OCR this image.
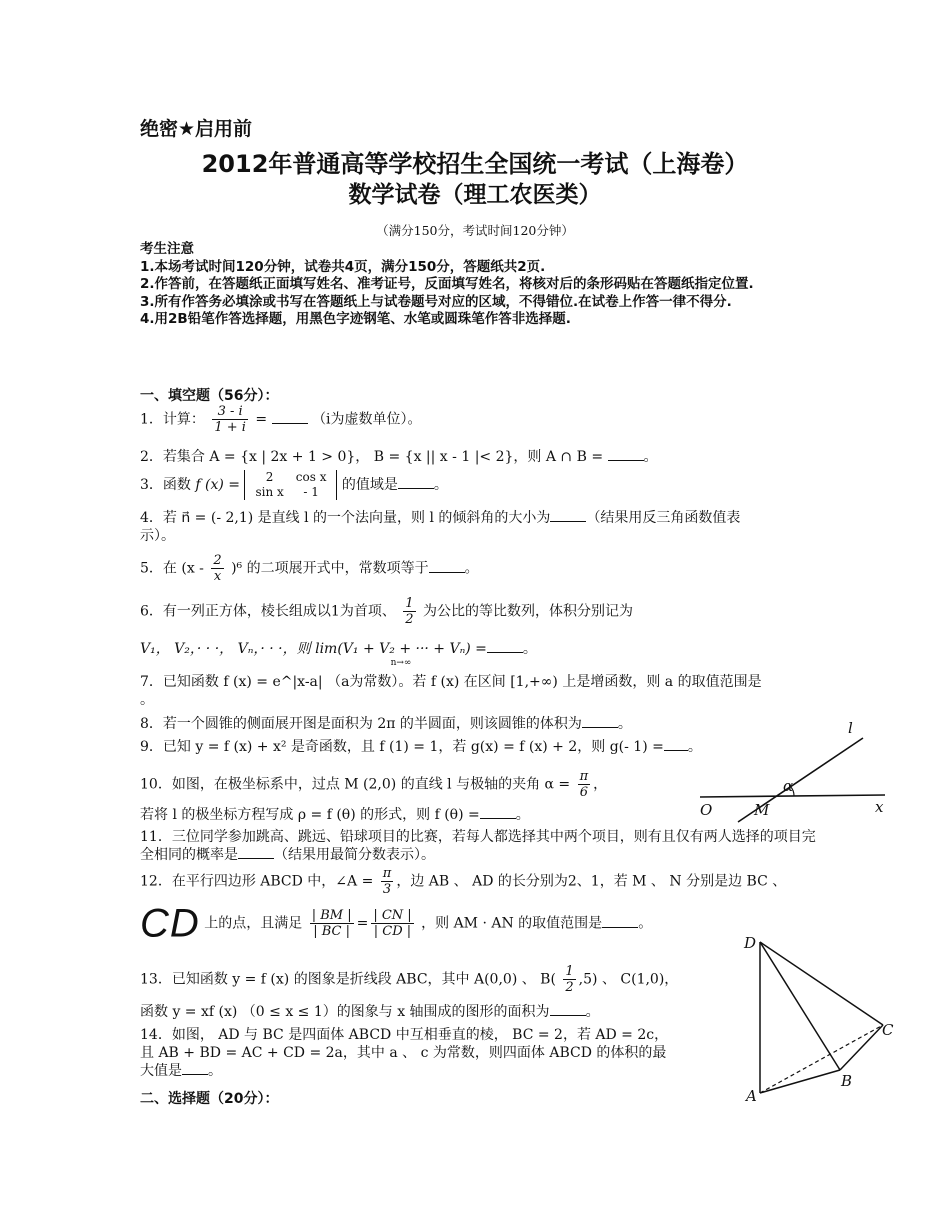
绝密★启用前
2012年普通高等学校招生全国统一考试（上海卷）
数学试卷（理工农医类）
（满分150分，考试时间120分钟）
考生注意
1.本场考试时间120分钟，试卷共4页，满分150分，答题纸共2页.
2.作答前，在答题纸正面填写姓名、准考证号，反面填写姓名，将核对后的条形码贴在答题纸指定位置.
3.所有作答务必填涂或书写在答题纸上与试卷题号对应的区域，不得错位.在试卷上作答一律不得分.
4.用2B铅笔作答选择题，用黑色字迹钢笔、水笔或圆珠笔作答非选择题.
一、填空题（56分）：
1．计算： $\frac{3 - i}{1 + i}$ =	（i为虚数单位）。
2．若集合 A = {x | 2x + 1 > 0}， B = {x || x - 1 |< 2}，则 A ∩ B =	。
3．函数 f (x) = 2	cos x
sin x	- 1 的值域是	。
4．若 n⃗ = (- 2,1) 是直线 l 的一个法向量，则 l 的倾斜角的大小为	（结果用反三角函数值表
示）。
5．在 $(x - \frac{2}{x} )^6$ 的二项展开式中，常数项等于	。
6．有一列正方体，棱长组成以1为首项、 $\frac{1}{2}$ 为公比的等比数列，体积分别记为
V₁， V₂，· · ·， Vₙ，· · ·，则 lim(V₁ + V₂ + ··· + Vₙ) =
$^{n\to\infty}$。
7．已知函数 f (x) = e^|x-a| （a为常数）。若 f (x) 在区间 [1,+∞) 上是增函数，则 a 的取值范围是
。
8．若一个圆锥的侧面展开图是面积为 2π 的半圆面，则该圆锥的体积为	。
9．已知 y = f (x) + x² 是奇函数，且 f (1) = 1，若 g(x) = f (x) + 2，则 g(- 1) = 。
10．如图，在极坐标系中，过点 M (2,0) 的直线 l 与极轴的夹角 $\alpha = \frac{\pi}{6}$ ，
若将 l 的极坐标方程写成 ρ = f (θ) 的形式，则 f (θ) =	。
l
α
O	M	x
11．三位同学参加跳高、跳远、铅球项目的比赛，若每人都选择其中两个项目，则有且仅有两人选择的项目完全相同的概率是	（结果用最简分数表示）。
12．在平行四边形 ABCD 中，∠A = $\frac{\pi}{3}$ ，边 AB 、 AD 的长分别为2、1，若 M 、 N 分别是边 BC 、
CD 上的点，且满足 $\frac{| BM |}{| BC |} = \frac{| CN |}{| CD |}$ ，则 AM · AN 的取值范围是	。
13．已知函数 y = f (x) 的图象是折线段 ABC，其中 A(0,0) 、 $B( \frac{1}{2} ,5)$ 、 C(1,0)，
函数 y = xf (x) （0 ≤ x ≤ 1）的图象与 x 轴围成的图形的面积为	。
14．如图， AD 与 BC 是四面体 ABCD 中互相垂直的棱， BC = 2，若 AD = 2c，
且 AB + BD = AC + CD = 2a，其中 a 、 c 为常数，则四面体 ABCD 的体积的最
大值是 。
D
C
B
A
二、选择题（20分）：
